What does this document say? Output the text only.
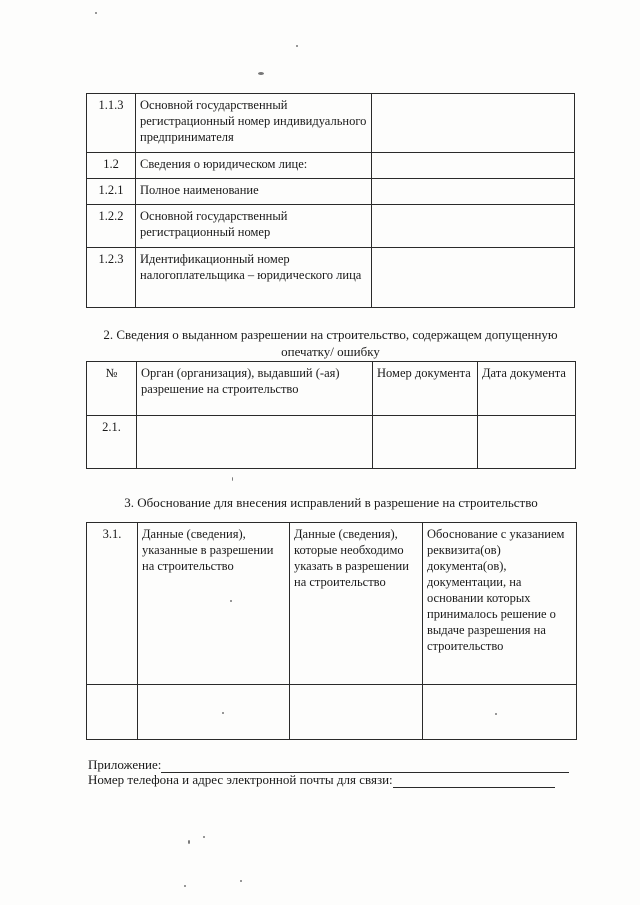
1.1.3	Основной государственный регистрационный номер индивидуального предпринимателя	
1.2	Сведения о юридическом лице:	
1.2.1	Полное наименование	
1.2.2	Основной государственный регистрационный номер	
1.2.3	Идентификационный номер налогоплательщика – юридического лица	
2. Сведения о выданном разрешении на строительство, содержащем допущенную опечатку/ ошибку
№	Орган (организация), выдавший (-ая) разрешение на строительство	Номер документа	Дата документа
2.1.			
3. Обоснование для внесения исправлений в разрешение на строительство
3.1.	Данные (сведения), указанные в разрешении на строительство	Данные (сведения), которые необходимо указать в разрешении на строительство	Обоснование с указанием реквизита(ов) документа(ов), документации, на основании которых принималось решение о выдаче разрешения на строительство

Приложение:
Номер телефона и адрес электронной почты для связи:
